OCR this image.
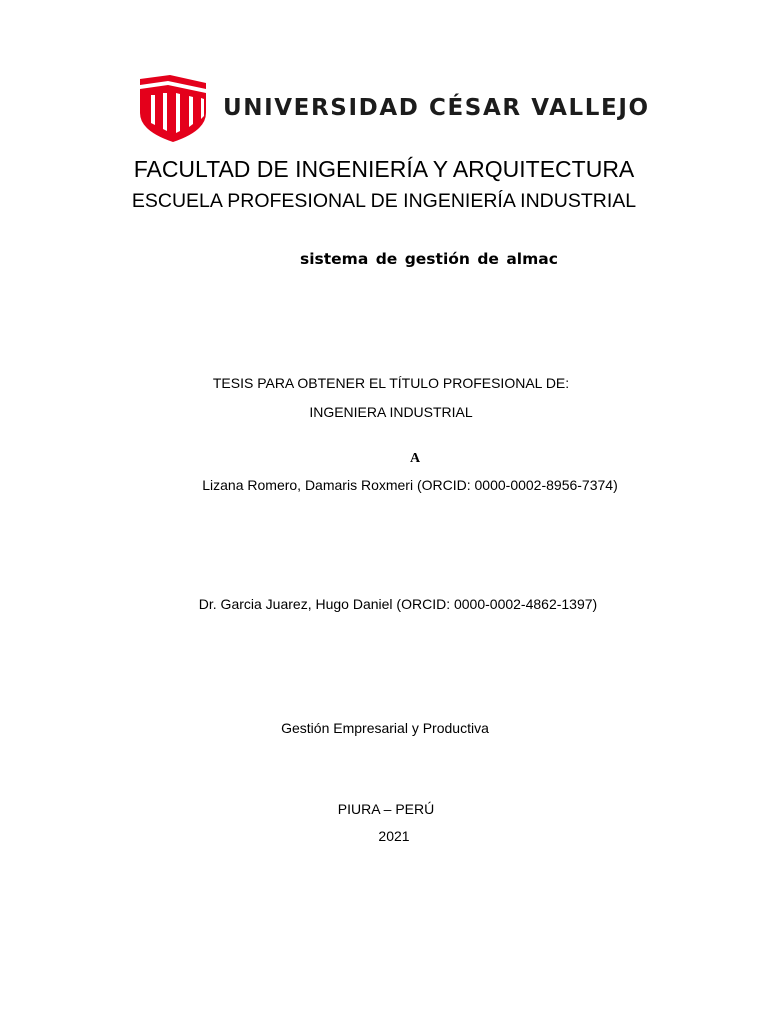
UNIVERSIDAD CÉSAR VALLEJO
FACULTAD DE INGENIERÍA Y ARQUITECTURA
ESCUELA PROFESIONAL DE INGENIERÍA INDUSTRIAL
sistema de gestión de almac
TESIS PARA OBTENER EL TÍTULO PROFESIONAL DE:
INGENIERA INDUSTRIAL
A
Lizana Romero, Damaris Roxmeri (ORCID: 0000-0002-8956-7374)
Dr. Garcia Juarez, Hugo Daniel (ORCID: 0000-0002-4862-1397)
Gestión Empresarial y Productiva
PIURA – PERÚ
2021
